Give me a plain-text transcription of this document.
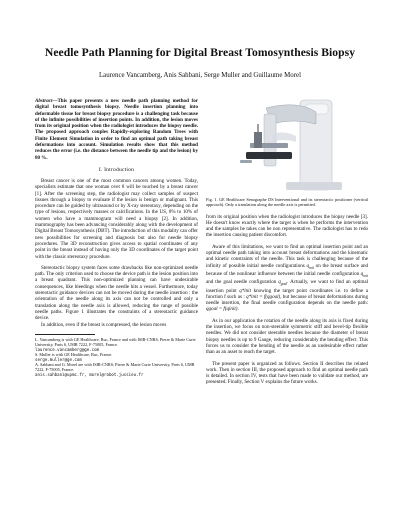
Needle Path Planning for Digital Breast Tomosynthesis Biopsy
Laurence Vancamberg, Anis Sahbani, Serge Muller and Guillaume Morel
Abstract—This paper presents a new needle path planning method for digital breast tomosynthesis biopsy. Needle insertion planning into deformable tissue for breast biopsy procedure is a challenging task because of the infinite possibilities of insertion points. In addition, the lesion moves from its original position when the radiologist introduces the biopsy needle. The proposed approach couples Rapidly-exploring Random Trees with Finite Element Simulation in order to find an optimal path taking breast deformations into account. Simulation results show that this method reduces the error (i.e. the distance between the needle tip and the lesion) by 80 %.
I. Introduction

Breast cancer is one of the most common cancers among women. Today, specialists estimate that one woman over 8 will be touched by a breast cancer [1]. After the screening step, the radiologist may collect samples of suspect tissues through a biopsy to evaluate if the lesion is benign or malignant. This procedure can be guided by ultrasound or by X-ray stereotaxy, depending on the type of lesions, respectively masses or calcifications. In the US, 8% to 10% of women who have a mammogram will need a biopsy [2]. In addition, mammography has been advancing considerably along with the development of Digital Breast Tomosynthesis (DBT). The introduction of this modality can offer new possibilities for screening and diagnosis but also for needle biopsy procedures. The 3D reconstruction gives access to spatial coordinates of any point in the breast instead of having only the 3D coordinates of the target point with the classic stereotaxy procedure.

Stereotactic biopsy system faces some drawbacks like non-optimized needle path. The only criterion used to choose the device path is the lesion position into a breast quadrant. This non-optimized planning can have undesirable consequences, like bleedings when the needle hits a vessel. Furthermore, today stereotactic guidance devices can not be moved during the needle insertion : the orientation of the needle along its axis can not be controlled and only a translation along the needle axis is allowed, reducing the range of possible needle paths. Figure 1 illustrates the constraints of a stereotactic guidance device.

In addition, even if the breast is compressed, the lesion moves

L. Vancamberg is with GE Healthcare, Buc, France and with ISIR-CNRS, Pierre & Marie Curie University, Paris 6, UMR 7222, F-75005, France.
laurence.vancamberg@ge.com

S. Muller is with GE Healthcare, Buc, France.
serge.muller@ge.com

A. Sahbani and G. Morel are with ISIR-CNRS, Pierre & Marie Curie University, Paris 6, UMR 7222, F-75005, France.
anis.sahbani@upmc.fr, morel@robot.jussieu.fr

Fig. 1. GE Healthcare Senographe DS Interventional and its stereotactic positioner (vertical approach). Only a translation along the needle axis is permitted.

from its original position when the radiologist introduces the biopsy needle [3]. He doesn't know exactly where the target is when he performs the intervention and the samples he takes can be non representative. The radiologist has to redo the insertion causing patient discomfort.

Aware of this limitations, we want to find an optimal insertion point and an optimal needle path taking into account breast deformations and the kinematic and kinetic constraints of the needle. This task is challenging because of the infinity of possible initial needle configurations $q_{init}$ on the breast surface and because of the nonlinear influence between the initial needle configuration $q_{init}$ and the goal needle configuration $q_{goal}$. Actually, we want to find an optimal insertion point q*init knowing the target point coordinates i.e. to define a function f such as : q*init = f(qgoal), but because of breast deformations during needle insertion, the final needle configuration depends on the needle path: qgoal = f(qinit).

As in our application the rotation of the needle along its axis is fixed during the insertion, we focus on non-steerable symmetric stiff and bevel-tip flexible needles. We did not consider steerable needles because the diameter of breast biopsy needles is up to 9 Gauge, reducing considerably the bending effect. This forces us to consider the bending of the needle as an undesirable effect rather than as an asset to reach the target.

The present paper is organized as follows. Section II describes the related work. Then in section III, the proposed approach to find an optimal needle path is detailed. In section IV, tests that have been made to validate our method, are presented. Finally, Section V explains the future works.
